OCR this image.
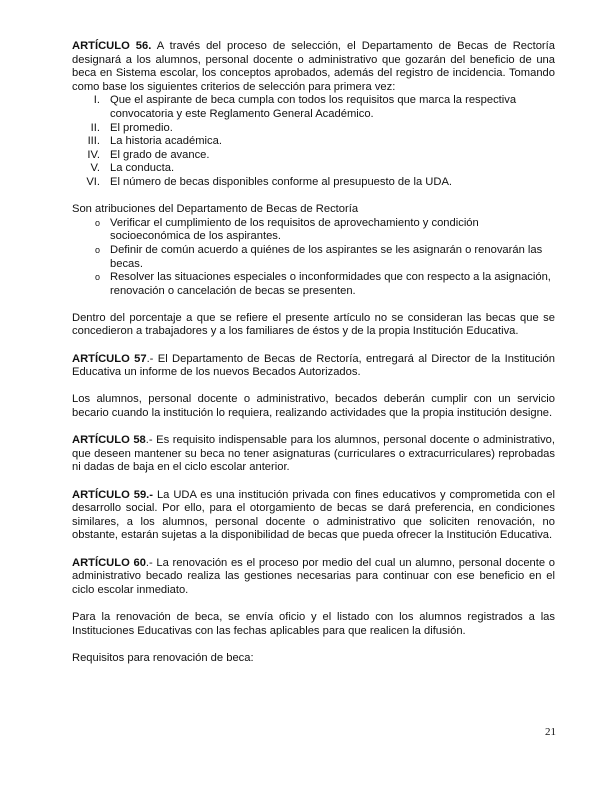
ARTÍCULO 56. A través del proceso de selección, el Departamento de Becas de Rectoría designará a los alumnos, personal docente o administrativo que gozarán del beneficio de una beca en Sistema escolar, los conceptos aprobados, además del registro de incidencia. Tomando como base los siguientes criterios de selección para primera vez:

I. Que el aspirante de beca cumpla con todos los requisitos que marca la respectiva convocatoria y este Reglamento General Académico.
II. El promedio.
III. La historia académica.
IV. El grado de avance.
V. La conducta.
VI. El número de becas disponibles conforme al presupuesto de la UDA.

Son atribuciones del Departamento de Becas de Rectoría

o Verificar el cumplimiento de los requisitos de aprovechamiento y condición socioeconómica de los aspirantes.
o Definir de común acuerdo a quiénes de los aspirantes se les asignarán o renovarán las becas.
o Resolver las situaciones especiales o inconformidades que con respecto a la asignación, renovación o cancelación de becas se presenten.

Dentro del porcentaje a que se refiere el presente artículo no se consideran las becas que se concedieron a trabajadores y a los familiares de éstos y de la propia Institución Educativa.

ARTÍCULO 57.- El Departamento de Becas de Rectoría, entregará al Director de la Institución Educativa un informe de los nuevos Becados Autorizados.

Los alumnos, personal docente o administrativo, becados deberán cumplir con un servicio becario cuando la institución lo requiera, realizando actividades que la propia institución designe.

ARTÍCULO 58.- Es requisito indispensable para los alumnos, personal docente o administrativo, que deseen mantener su beca no tener asignaturas (curriculares o extracurriculares) reprobadas ni dadas de baja en el ciclo escolar anterior.

ARTÍCULO 59.- La UDA es una institución privada con fines educativos y comprometida con el desarrollo social. Por ello, para el otorgamiento de becas se dará preferencia, en condiciones similares, a los alumnos, personal docente o administrativo que soliciten renovación, no obstante, estarán sujetas a la disponibilidad de becas que pueda ofrecer la Institución Educativa.

ARTÍCULO 60.- La renovación es el proceso por medio del cual un alumno, personal docente o administrativo becado realiza las gestiones necesarias para continuar con ese beneficio en el ciclo escolar inmediato.

Para la renovación de beca, se envía oficio y el listado con los alumnos registrados a las Instituciones Educativas con las fechas aplicables para que realicen la difusión.

Requisitos para renovación de beca:

21
